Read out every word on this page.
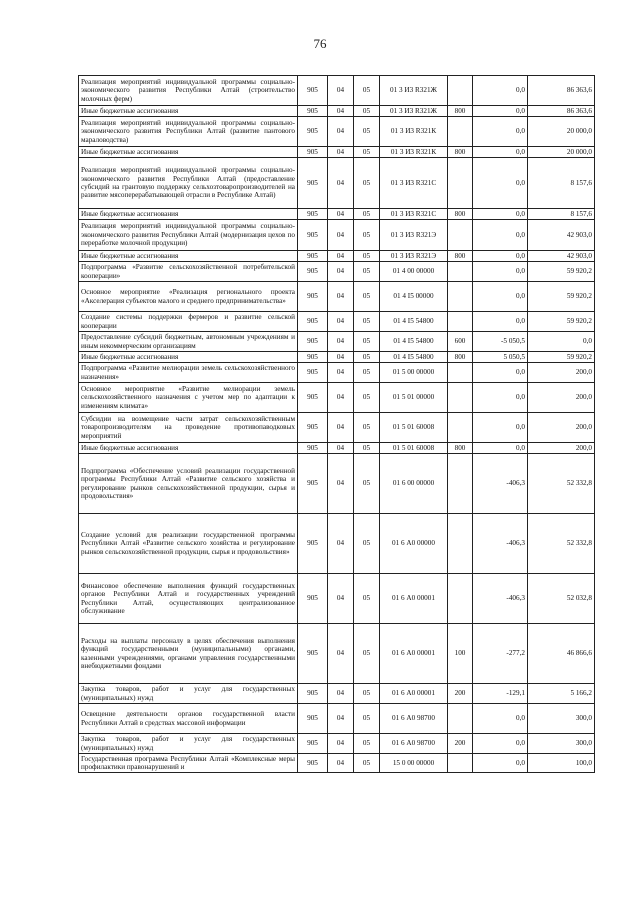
76
Реализация мероприятий индивидуальной программы социально-экономического развития Республики Алтай (строительство молочных ферм)	905	04	05	01 3 И3 R321Ж		0,0	86 363,6
Иные бюджетные ассигнования	905	04	05	01 3 И3 R321Ж	800	0,0	86 363,6
Реализация мероприятий индивидуальной программы социально-экономического развития Республики Алтай (развитие пантового мараловодства)	905	04	05	01 3 И3 R321К		0,0	20 000,0
Иные бюджетные ассигнования	905	04	05	01 3 И3 R321К	800	0,0	20 000,0
Реализация мероприятий индивидуальной программы социально-экономического развития Республики Алтай (предоставление субсидий на грантовую поддержку сельхозтоваропроизводителей на развитие мясоперерабатывающей отрасли в Республике Алтай)	905	04	05	01 3 И3 R321С		0,0	8 157,6
Иные бюджетные ассигнования	905	04	05	01 3 И3 R321С	800	0,0	8 157,6
Реализация мероприятий индивидуальной программы социально-экономического развития Республики Алтай (модернизация цехов по переработке молочной продукции)	905	04	05	01 3 И3 R321Э		0,0	42 903,0
Иные бюджетные ассигнования	905	04	05	01 3 И3 R321Э	800	0,0	42 903,0
Подпрограмма «Развитие сельскохозяйственной потребительской кооперации»	905	04	05	01 4 00 00000		0,0	59 920,2
Основное мероприятие «Реализация регионального проекта «Акселерация субъектов малого и среднего предпринимательства»	905	04	05	01 4 I5 00000		0,0	59 920,2
Создание системы поддержки фермеров и развитие сельской кооперации	905	04	05	01 4 I5 54800		0,0	59 920,2
Предоставление субсидий бюджетным, автономным учреждениям и иным некоммерческим организациям	905	04	05	01 4 I5 54800	600	-5 050,5	0,0
Иные бюджетные ассигнования	905	04	05	01 4 I5 54800	800	5 050,5	59 920,2
Подпрограмма «Развитие мелиорации земель сельскохозяйственного назначения»	905	04	05	01 5 00 00000		0,0	200,0
Основное мероприятие «Развитие мелиорации земель сельскохозяйственного назначения с учетом мер по адаптации к изменениям климата»	905	04	05	01 5 01 00000		0,0	200,0
Субсидии на возмещение части затрат сельскохозяйственным товаропроизводителям на проведение противопаводковых мероприятий	905	04	05	01 5 01 60008		0,0	200,0
Иные бюджетные ассигнования	905	04	05	01 5 01 60008	800	0,0	200,0
Подпрограмма «Обеспечение условий реализации государственной программы Республики Алтай «Развитие сельского хозяйства и регулирование рынков сельскохозяйственной продукции, сырья и продовольствия»	905	04	05	01 6 00 00000		-406,3	52 332,8
Создание условий для реализации государственной программы Республики Алтай «Развитие сельского хозяйства и регулирование рынков сельскохозяйственной продукции, сырья и продовольствия»	905	04	05	01 6 А0 00000		-406,3	52 332,8
Финансовое обеспечение выполнения функций государственных органов Республики Алтай и государственных учреждений Республики Алтай, осуществляющих централизованное обслуживание	905	04	05	01 6 А0 00001		-406,3	52 032,8
Расходы на выплаты персоналу в целях обеспечения выполнения функций государственными (муниципальными) органами, казенными учреждениями, органами управления государственными внебюджетными фондами	905	04	05	01 6 А0 00001	100	-277,2	46 866,6
Закупка товаров, работ и услуг для государственных (муниципальных) нужд	905	04	05	01 6 А0 00001	200	-129,1	5 166,2
Освещение деятельности органов государственной власти Республики Алтай в средствах массовой информации	905	04	05	01 6 А0 98700		0,0	300,0
Закупка товаров, работ и услуг для государственных (муниципальных) нужд	905	04	05	01 6 А0 98700	200	0,0	300,0
Государственная программа Республики Алтай «Комплексные меры профилактики правонарушений и	905	04	05	15 0 00 00000		0,0	100,0
